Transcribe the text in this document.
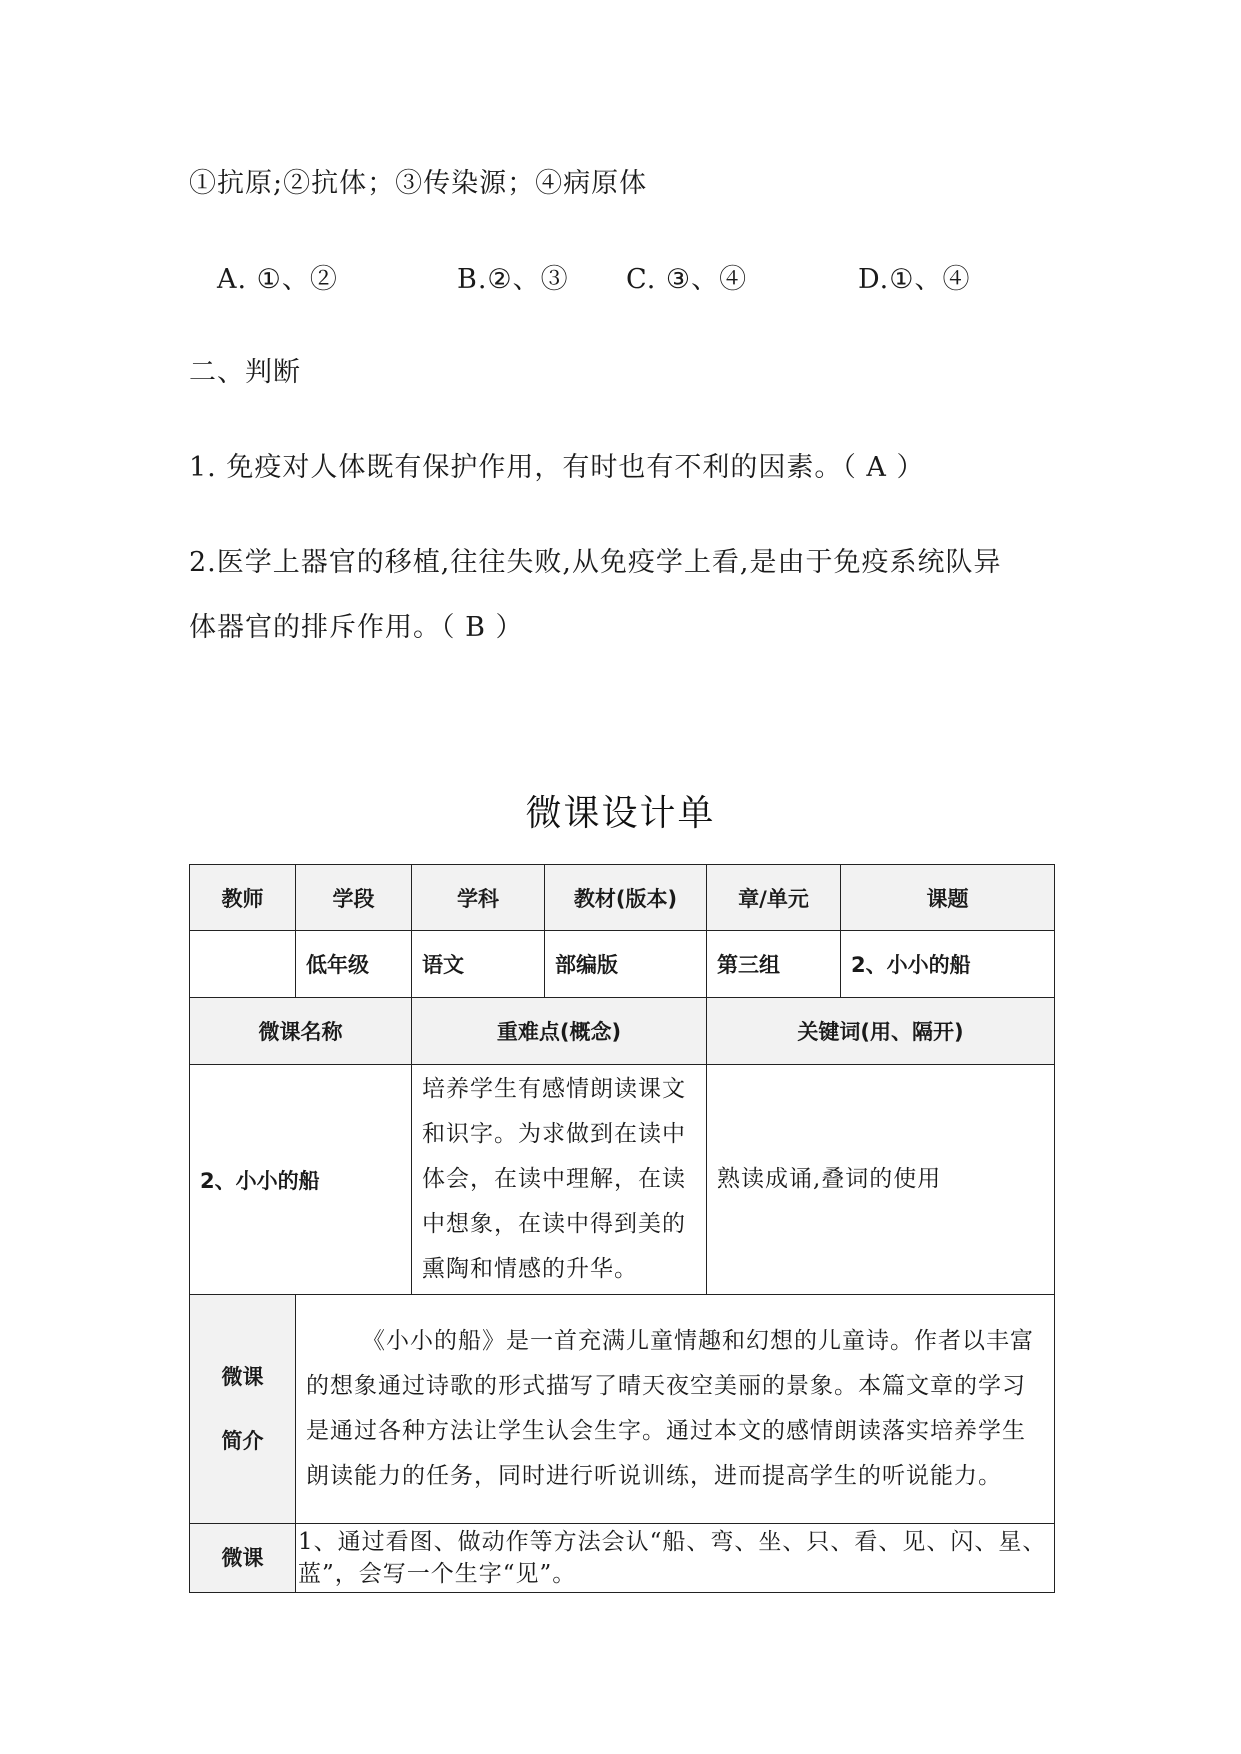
①抗原;②抗体；③传染源；④病原体
A. ①、②	B.②、③ C. ③、④	D.①、④
二、判断
1. 免疫对人体既有保护作用，有时也有不利的因素。（ A ）
2.医学上器官的移植,往往失败,从免疫学上看,是由于免疫系统队异
体器官的排斥作用。（ B ）
微课设计单
教师	学段	学科	教材(版本)	章/单元	课题
	低年级	语文	部编版	第三组	2、小小的船
微课名称		重难点(概念)		关键词(用、隔开)	
2、小小的船		培养学生有感情朗读课文和识字。为求做到在读中体会，在读中理解，在读中想象，在读中得到美的熏陶和情感的升华。		熟读成诵,叠词的使用	

微课
简介	《小小的船》是一首充满儿童情趣和幻想的儿童诗。作者以丰富的想象通过诗歌的形式描写了晴天夜空美丽的景象。本篇文章的学习是通过各种方法让学生认会生字。通过本文的感情朗读落实培养学生朗读能力的任务，同时进行听说训练，进而提高学生的听说能力。				

微课	1、通过看图、做动作等方法会认“船、弯、坐、只、看、见、闪、星、蓝”，会写一个生字“见”。				
